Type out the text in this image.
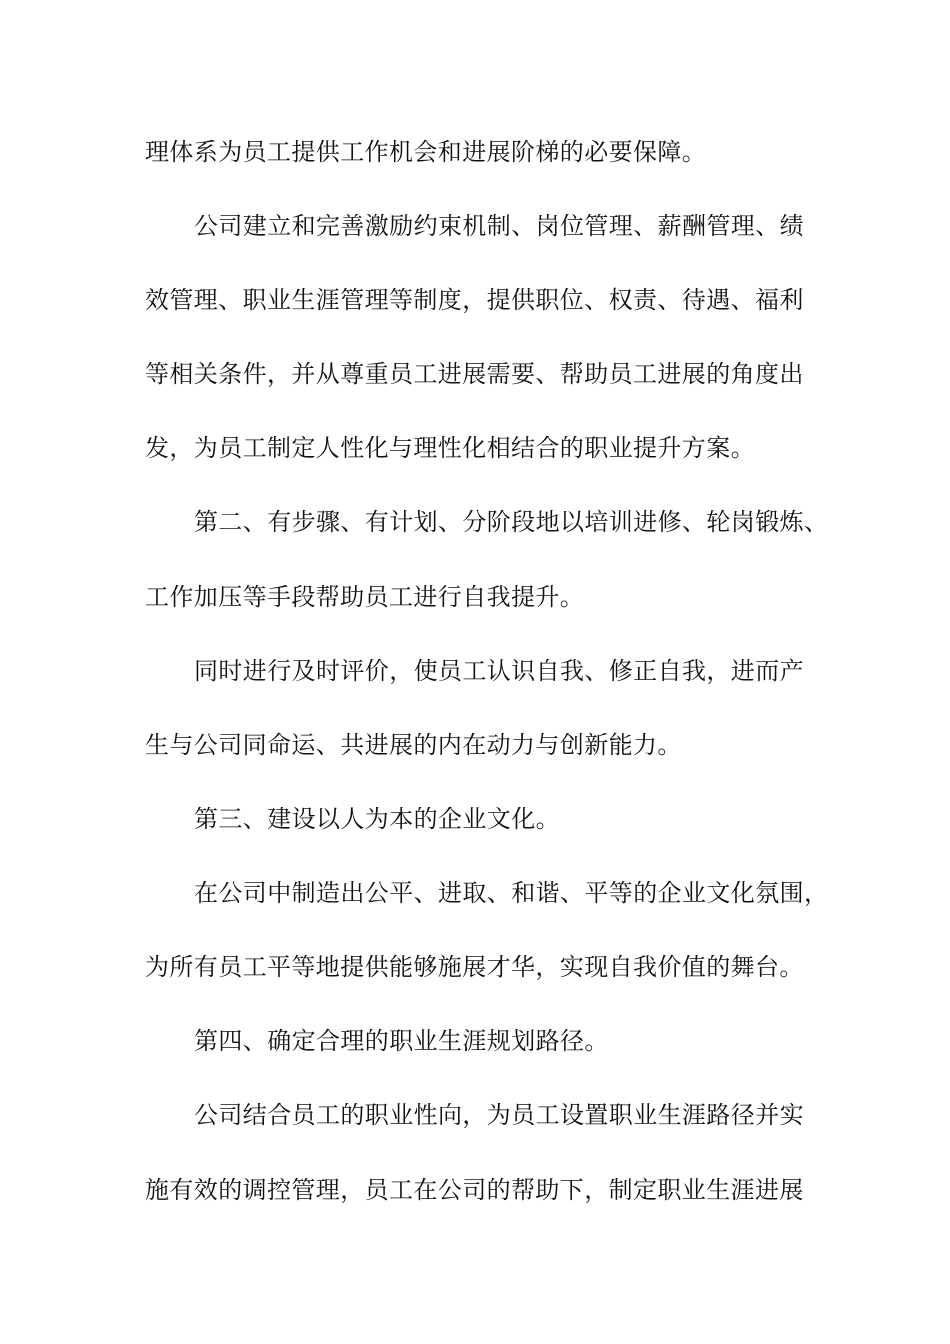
理体系为员工提供工作机会和进展阶梯的必要保障。
公司建立和完善激励约束机制、岗位管理、薪酬管理、绩
效管理、职业生涯管理等制度，提供职位、权责、待遇、福利
等相关条件，并从尊重员工进展需要、帮助员工进展的角度出
发，为员工制定人性化与理性化相结合的职业提升方案。
第二、有步骤、有计划、分阶段地以培训进修、轮岗锻炼、
工作加压等手段帮助员工进行自我提升。
同时进行及时评价，使员工认识自我、修正自我，进而产
生与公司同命运、共进展的内在动力与创新能力。
第三、建设以人为本的企业文化。
在公司中制造出公平、进取、和谐、平等的企业文化氛围，
为所有员工平等地提供能够施展才华，实现自我价值的舞台。
第四、确定合理的职业生涯规划路径。
公司结合员工的职业性向，为员工设置职业生涯路径并实
施有效的调控管理，员工在公司的帮助下，制定职业生涯进展
